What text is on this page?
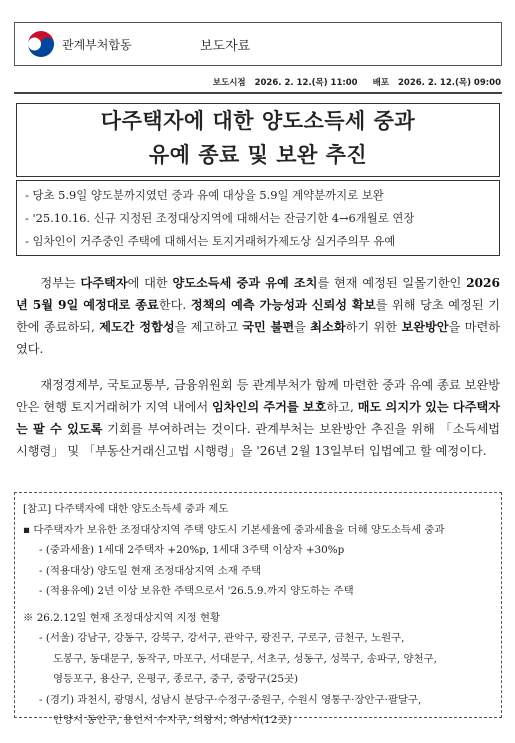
관계부처합동	보도자료
보도시점 2026. 2. 12.(목) 11:00 배포 2026. 2. 12.(목) 09:00
다주택자에 대한 양도소득세 중과
유예 종료 및 보완 추진
- 당초 5.9일 양도분까지였던 중과 유예 대상을 5.9일 계약분까지로 보완
- '25.10.16. 신규 지정된 조정대상지역에 대해서는 잔금기한 4→6개월로 연장
- 임차인이 거주중인 주택에 대해서는 토지거래허가제도상 실거주의무 유예
정부는 다주택자에 대한 양도소득세 중과 유예 조치를 현재 예정된 일몰기한인 2026년 5월 9일 예정대로 종료한다. 정책의 예측 가능성과 신뢰성 확보를 위해 당초 예정된 기한에 종료하되, 제도간 정합성을 제고하고 국민 불편을 최소화하기 위한 보완방안을 마련하였다.
재정경제부, 국토교통부, 금융위원회 등 관계부처가 함께 마련한 중과 유예 종료 보완방안은 현행 토지거래허가 지역 내에서 임차인의 주거를 보호하고, 매도 의지가 있는 다주택자는 팔 수 있도록 기회를 부여하려는 것이다. 관계부처는 보완방안 추진을 위해 「소득세법 시행령」 및 「부동산거래신고법 시행령」을 '26년 2월 13일부터 입법예고 할 예정이다.
[참고] 다주택자에 대한 양도소득세 중과 제도
▪ 다주택자가 보유한 조정대상지역 주택 양도시 기본세율에 중과세율을 더해 양도소득세 중과
- (중과세율) 1세대 2주택자 +20%p, 1세대 3주택 이상자 +30%p
- (적용대상) 양도일 현재 조정대상지역 소재 주택
- (적용유예) 2년 이상 보유한 주택으로서 '26.5.9.까지 양도하는 주택
※ 26.2.12일 현재 조정대상지역 지정 현황
- (서울) 강남구, 강동구, 강북구, 강서구, 관악구, 광진구, 구로구, 금천구, 노원구,
도봉구, 동대문구, 동작구, 마포구, 서대문구, 서초구, 성동구, 성북구, 송파구, 양천구,
영등포구, 용산구, 은평구, 종로구, 중구, 중랑구(25곳)
- (경기) 과천시, 광명시, 성남시 분당구·수정구·중원구, 수원시 영통구·장안구·팔달구,
안양시 동안구, 용인시 수지구, 의왕시, 하남시(12곳)
